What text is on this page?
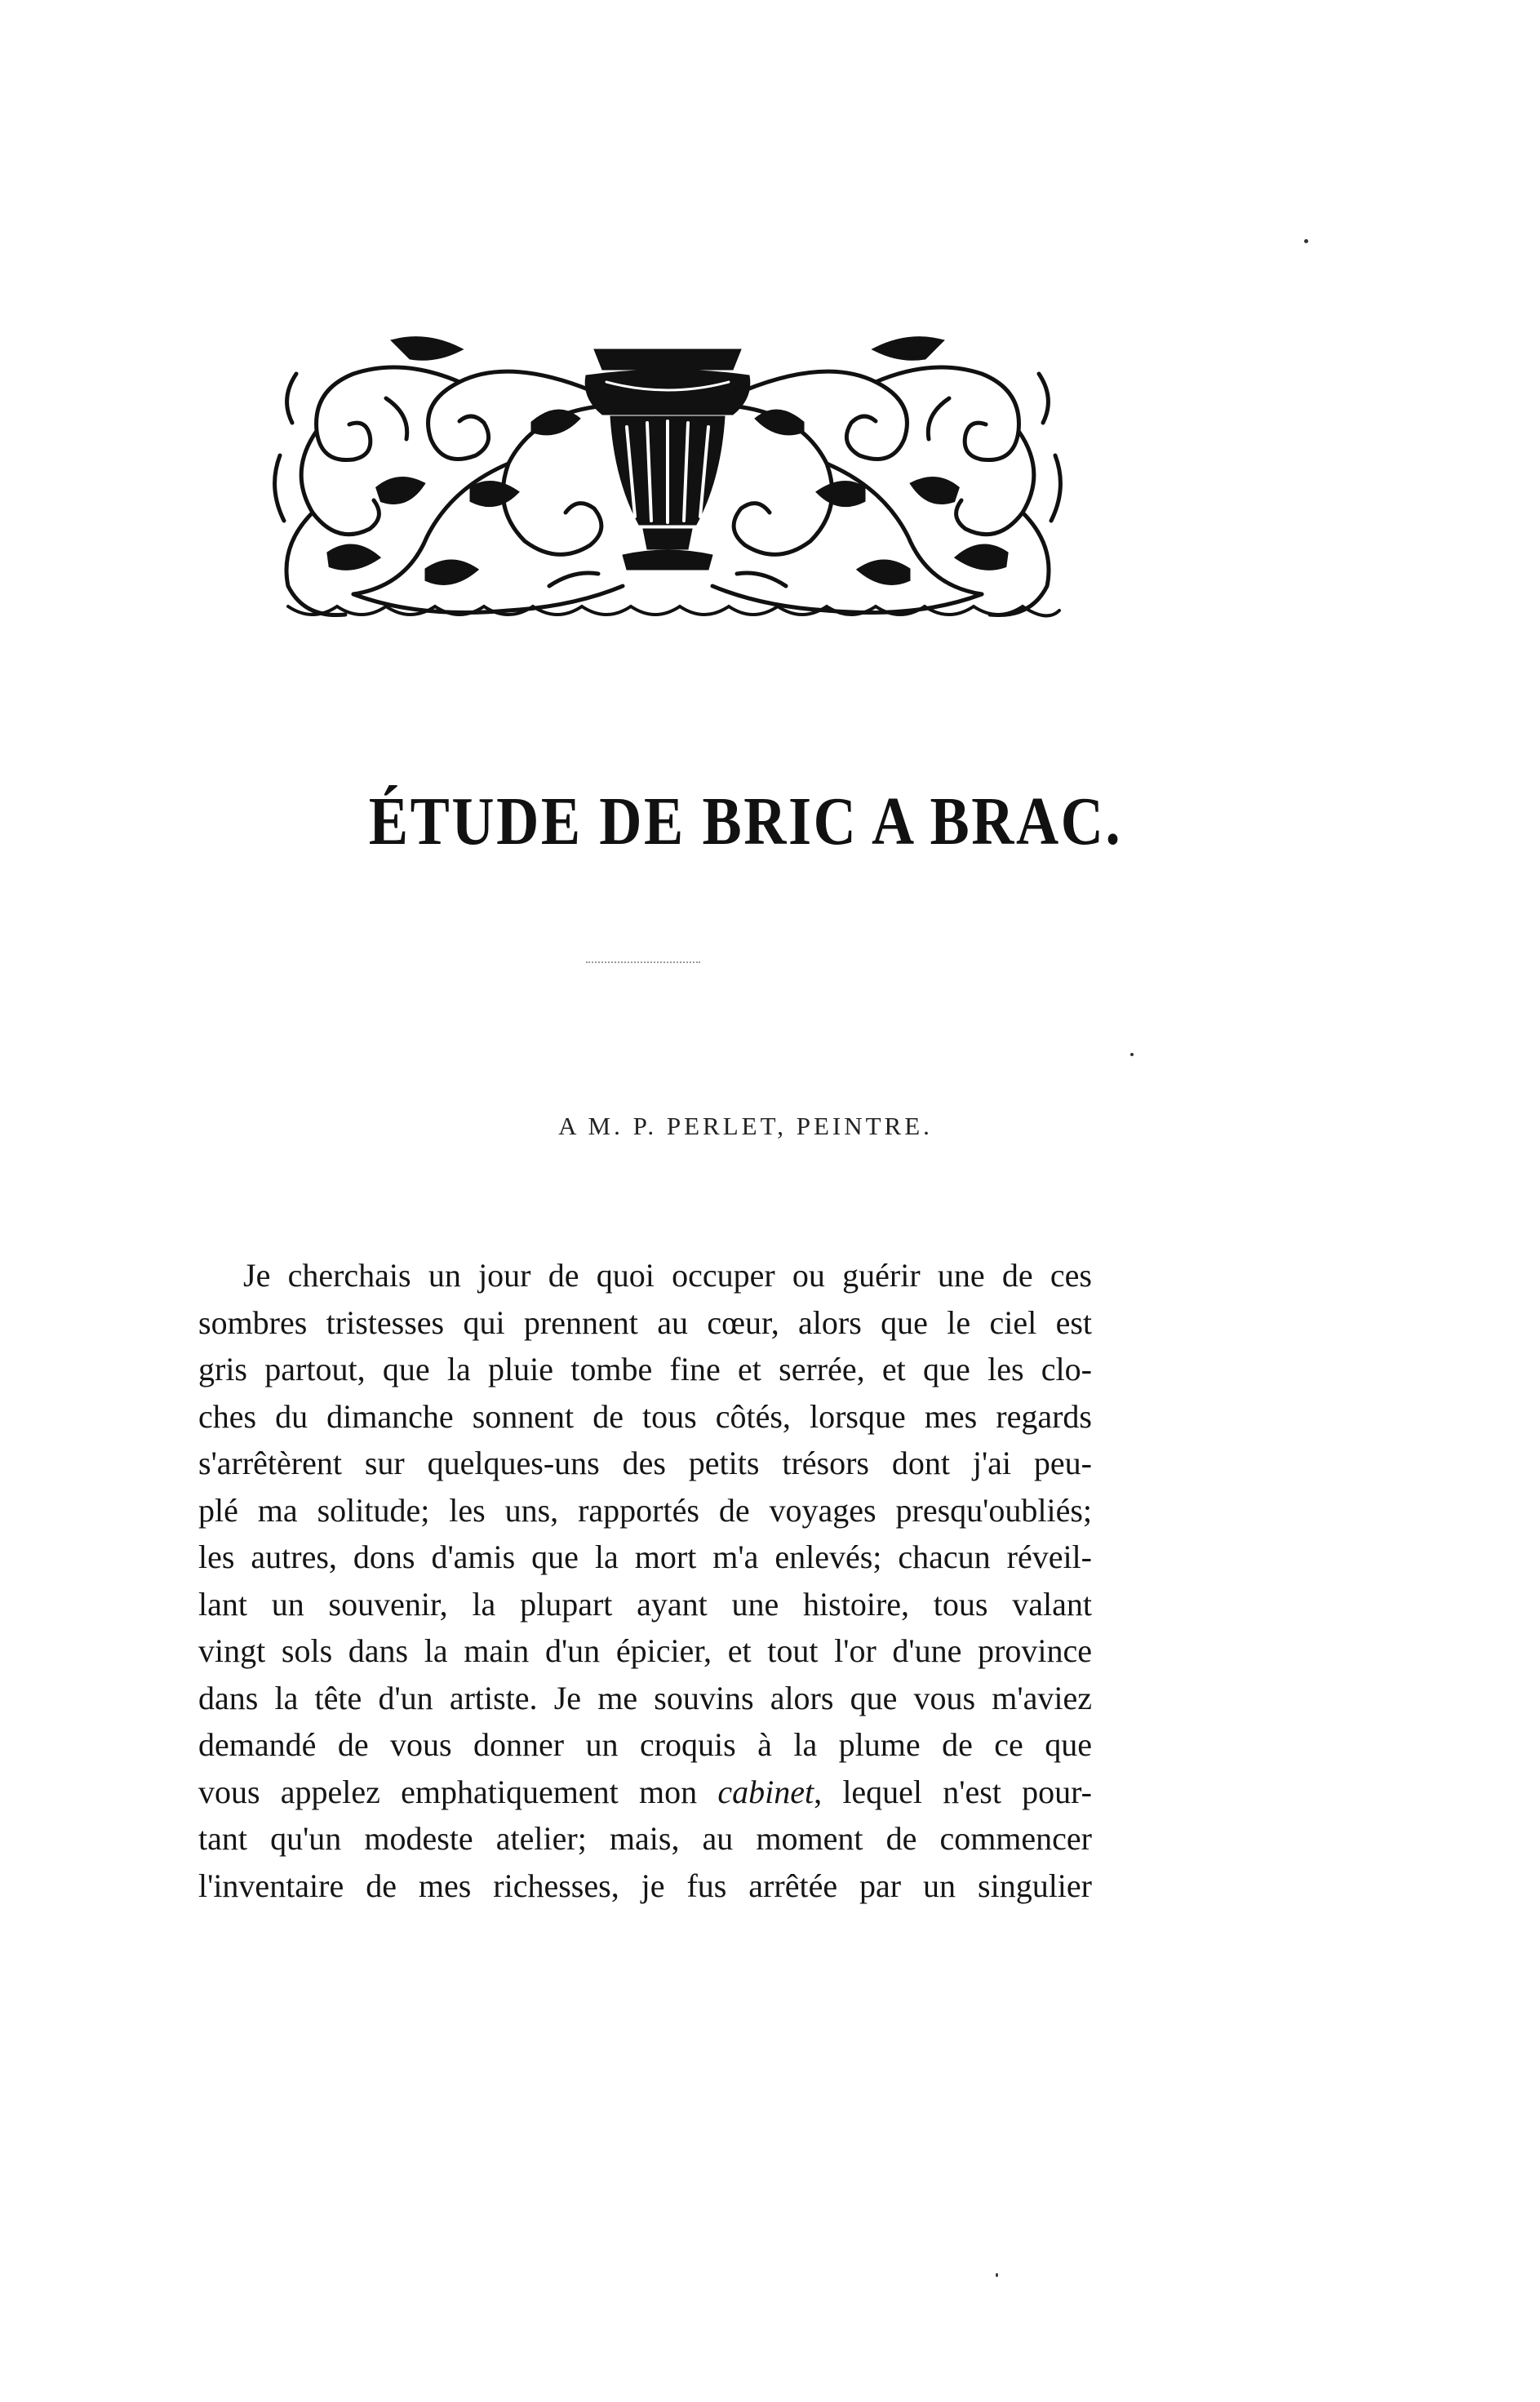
ÉTUDE DE BRIC A BRAC.
A M. P. PERLET, PEINTRE.
Je cherchais un jour de quoi occuper ou guérir une de ces
sombres tristesses qui prennent au cœur, alors que le ciel est
gris partout, que la pluie tombe fine et serrée, et que les clo-
ches du dimanche sonnent de tous côtés, lorsque mes regards
s'arrêtèrent sur quelques-uns des petits trésors dont j'ai peu-
plé ma solitude; les uns, rapportés de voyages presqu'oubliés;
les autres, dons d'amis que la mort m'a enlevés; chacun réveil-
lant un souvenir, la plupart ayant une histoire, tous valant
vingt sols dans la main d'un épicier, et tout l'or d'une province
dans la tête d'un artiste. Je me souvins alors que vous m'aviez
demandé de vous donner un croquis à la plume de ce que
vous appelez emphatiquement mon cabinet, lequel n'est pour-
tant qu'un modeste atelier; mais, au moment de commencer
l'inventaire de mes richesses, je fus arrêtée par un singulier
